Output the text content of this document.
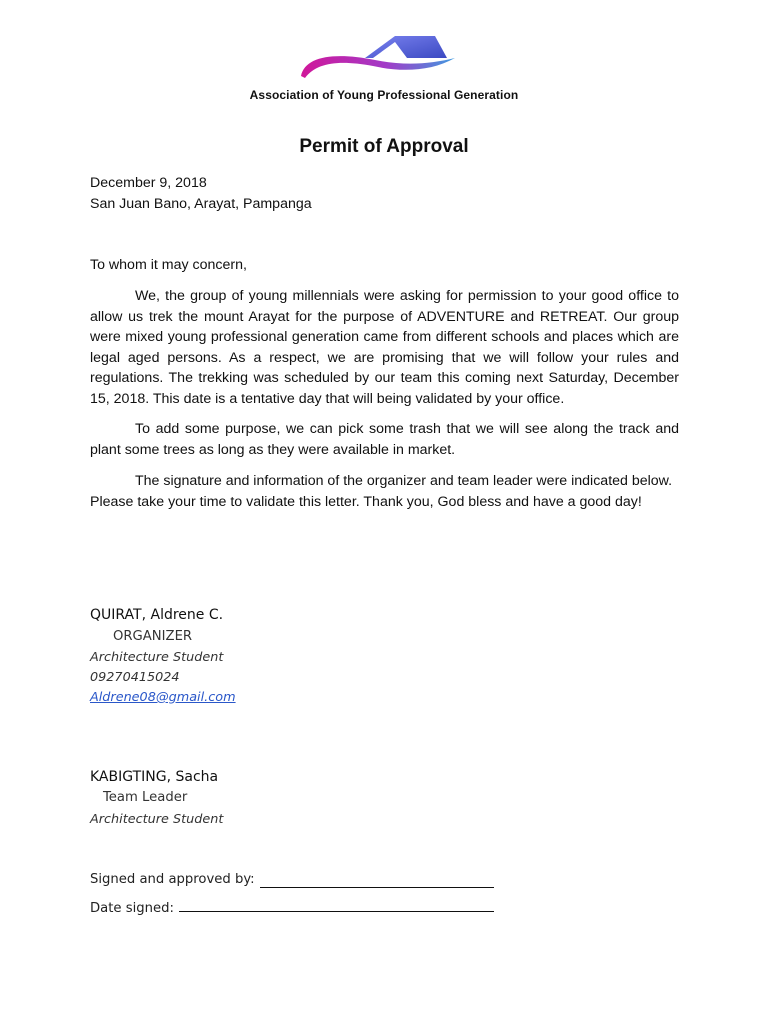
Association of Young Professional Generation
Permit of Approval
December 9, 2018
San Juan Bano, Arayat, Pampanga
To whom it may concern,

We, the group of young millennials were asking for permission to your good office to allow us trek the mount Arayat for the purpose of ADVENTURE and RETREAT. Our group were mixed young professional generation came from different schools and places which are legal aged persons. As a respect, we are promising that we will follow your rules and regulations. The trekking was scheduled by our team this coming next Saturday, December 15, 2018. This date is a tentative day that will being validated by your office.

To add some purpose, we can pick some trash that we will see along the track and plant some trees as long as they were available in market.

The signature and information of the organizer and team leader were indicated below. Please take your time to validate this letter. Thank you, God bless and have a good day!

QUIRAT, Aldrene C.
ORGANIZER
Architecture Student
09270415024
Aldrene08@gmail.com
KABIGTING, Sacha
Team Leader
Architecture Student
Signed and approved by:
Date signed:
